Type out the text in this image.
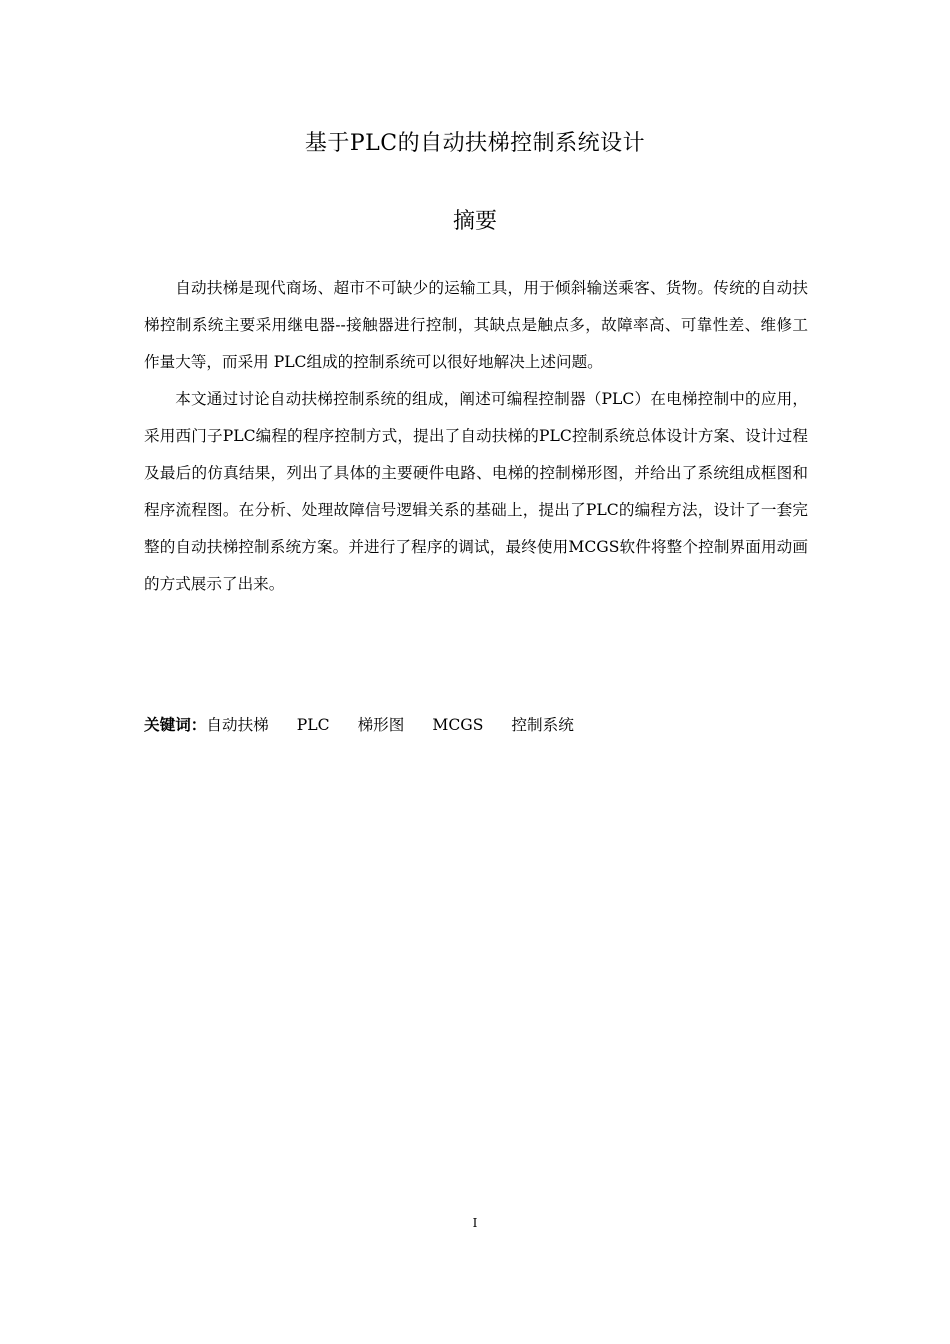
基于PLC的自动扶梯控制系统设计
摘要

自动扶梯是现代商场、超市不可缺少的运输工具，用于倾斜输送乘客、货物。传统的自动扶梯控制系统主要采用继电器--接触器进行控制，其缺点是触点多，故障率高、可靠性差、维修工作量大等，而采用 PLC组成的控制系统可以很好地解决上述问题。

本文通过讨论自动扶梯控制系统的组成，阐述可编程控制器（PLC）在电梯控制中的应用，采用西门子PLC编程的程序控制方式，提出了自动扶梯的PLC控制系统总体设计方案、设计过程及最后的仿真结果，列出了具体的主要硬件电路、电梯的控制梯形图，并给出了系统组成框图和程序流程图。在分析、处理故障信号逻辑关系的基础上，提出了PLC的编程方法，设计了一套完整的自动扶梯控制系统方案。并进行了程序的调试，最终使用MCGS软件将整个控制界面用动画的方式展示了出来。

关键词：自动扶梯 PLC 梯形图 MCGS 控制系统
I
